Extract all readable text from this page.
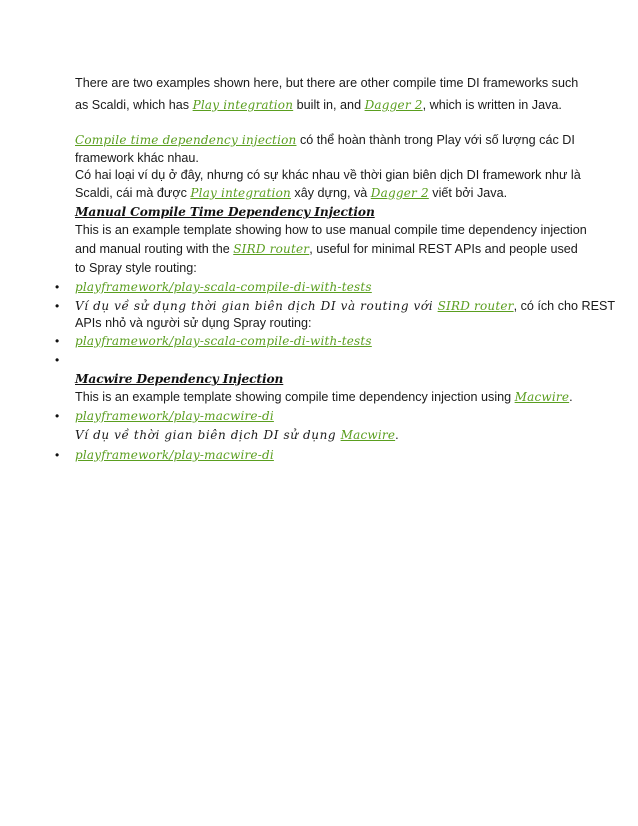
There are two examples shown here, but there are other compile time DI frameworks such
as Scaldi, which has Play integration built in, and Dagger 2, which is written in Java.
Compile time dependency injection có thể hoàn thành trong Play với số lượng các DI
framework khác nhau.
Có hai loại ví dụ ở đây, nhưng có sự khác nhau về thời gian biên dịch DI framework như là
Scaldi, cái mà được Play integration xây dựng, và Dagger 2 viết bởi Java.
Manual Compile Time Dependency Injection
This is an example template showing how to use manual compile time dependency injection
and manual routing with the SIRD router, useful for minimal REST APIs and people used
to Spray style routing:
•
playframework/play-scala-compile-di-with-tests
•
Ví dụ về sử dụng thời gian biên dịch DI và routing với SIRD router, có ích cho REST
APIs nhỏ và người sử dụng Spray routing:
•
playframework/play-scala-compile-di-with-tests
•
Macwire Dependency Injection
This is an example template showing compile time dependency injection using Macwire.
•
playframework/play-macwire-di
Ví dụ về thời gian biên dịch DI sử dụng Macwire.
•
playframework/play-macwire-di
